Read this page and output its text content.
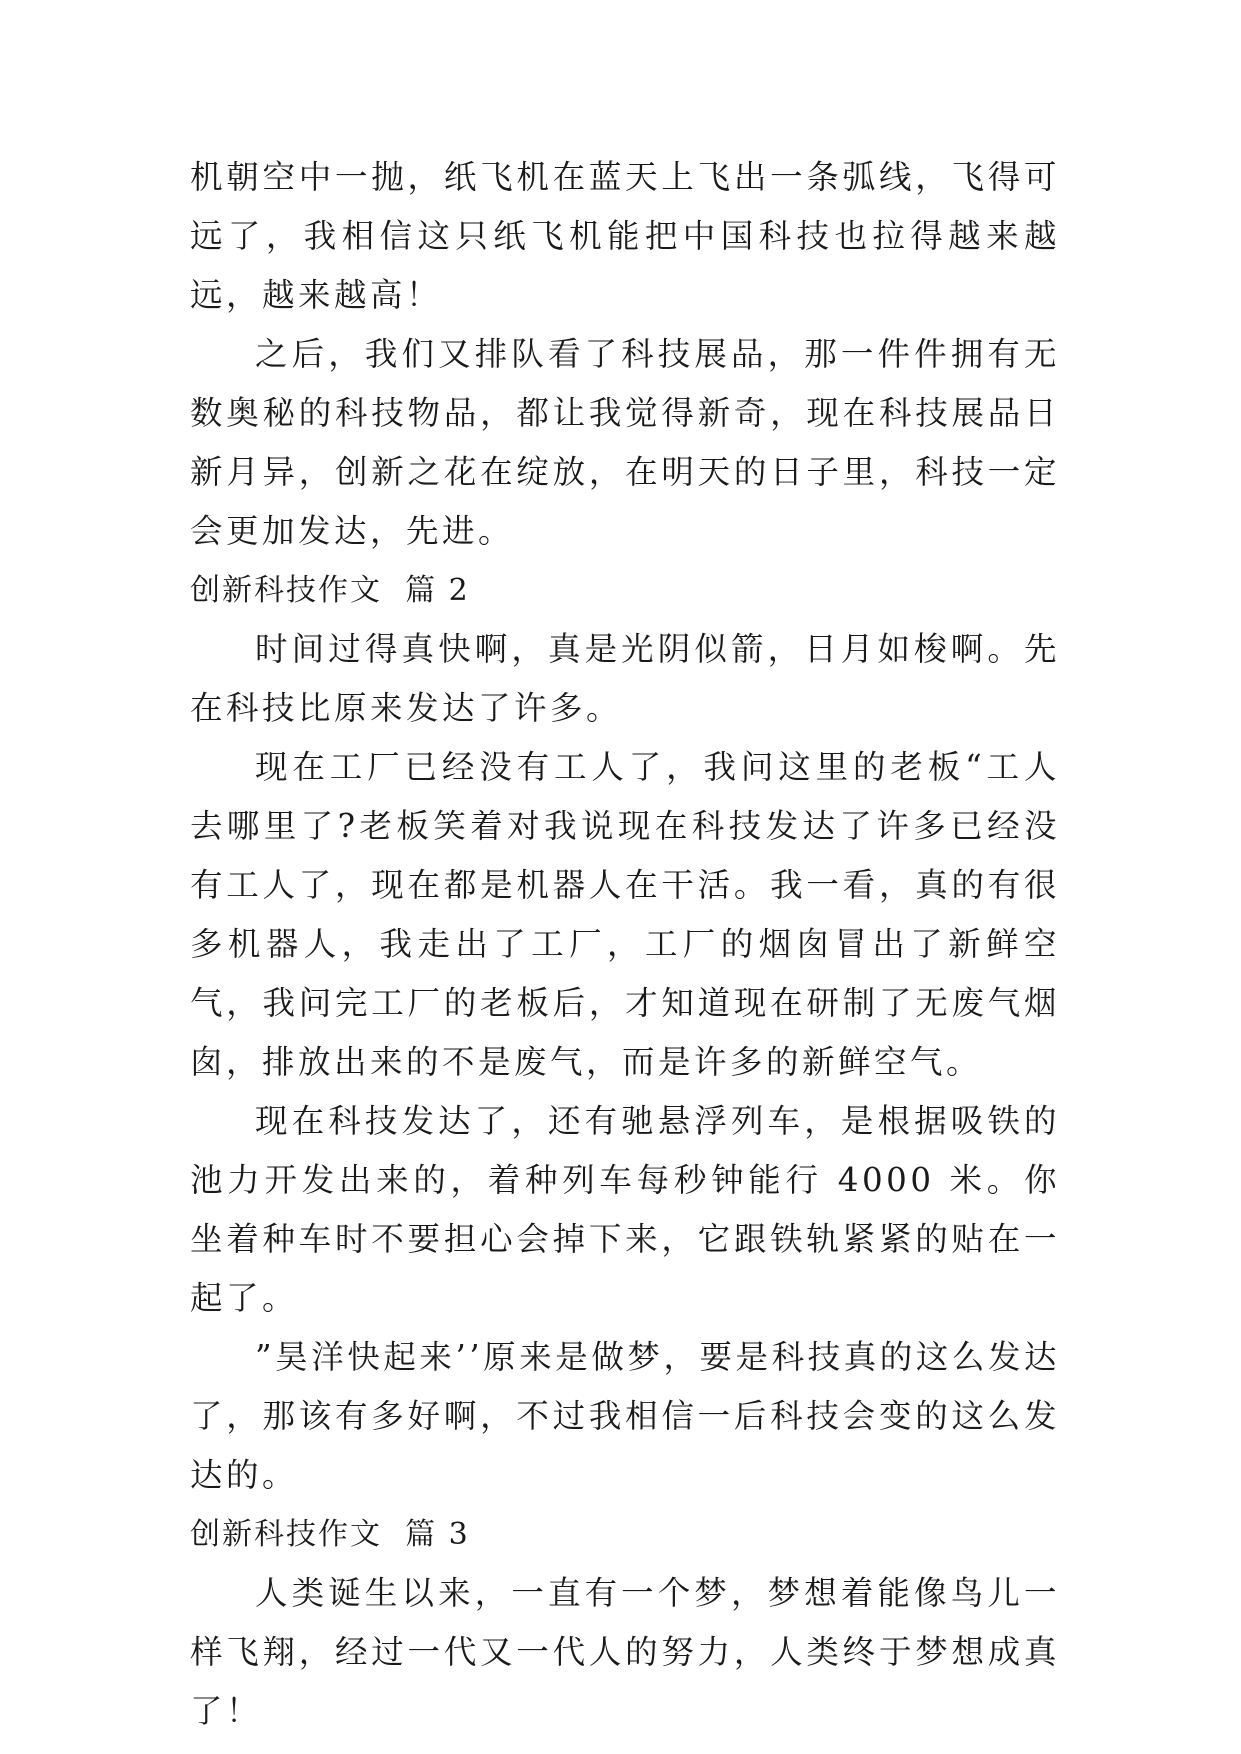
机朝空中一抛，纸飞机在蓝天上飞出一条弧线，飞得可远了，我相信这只纸飞机能把中国科技也拉得越来越远，越来越高！

之后，我们又排队看了科技展品，那一件件拥有无数奥秘的科技物品，都让我觉得新奇，现在科技展品日新月异，创新之花在绽放，在明天的日子里，科技一定会更加发达，先进。

创新科技作文  篇 2

时间过得真快啊，真是光阴似箭，日月如梭啊。先在科技比原来发达了许多。

现在工厂已经没有工人了，我问这里的老板“工人去哪里了?老板笑着对我说现在科技发达了许多已经没有工人了，现在都是机器人在干活。我一看，真的有很多机器人，我走出了工厂，工厂的烟囱冒出了新鲜空气，我问完工厂的老板后，才知道现在研制了无废气烟囱，排放出来的不是废气，而是许多的新鲜空气。

现在科技发达了，还有驰悬浮列车，是根据吸铁的池力开发出来的，着种列车每秒钟能行 4000 米。你坐着种车时不要担心会掉下来，它跟铁轨紧紧的贴在一起了。

”昊洋快起来’’原来是做梦，要是科技真的这么发达了，那该有多好啊，不过我相信一后科技会变的这么发达的。

创新科技作文  篇 3

人类诞生以来，一直有一个梦，梦想着能像鸟儿一样飞翔，经过一代又一代人的努力，人类终于梦想成真了！
